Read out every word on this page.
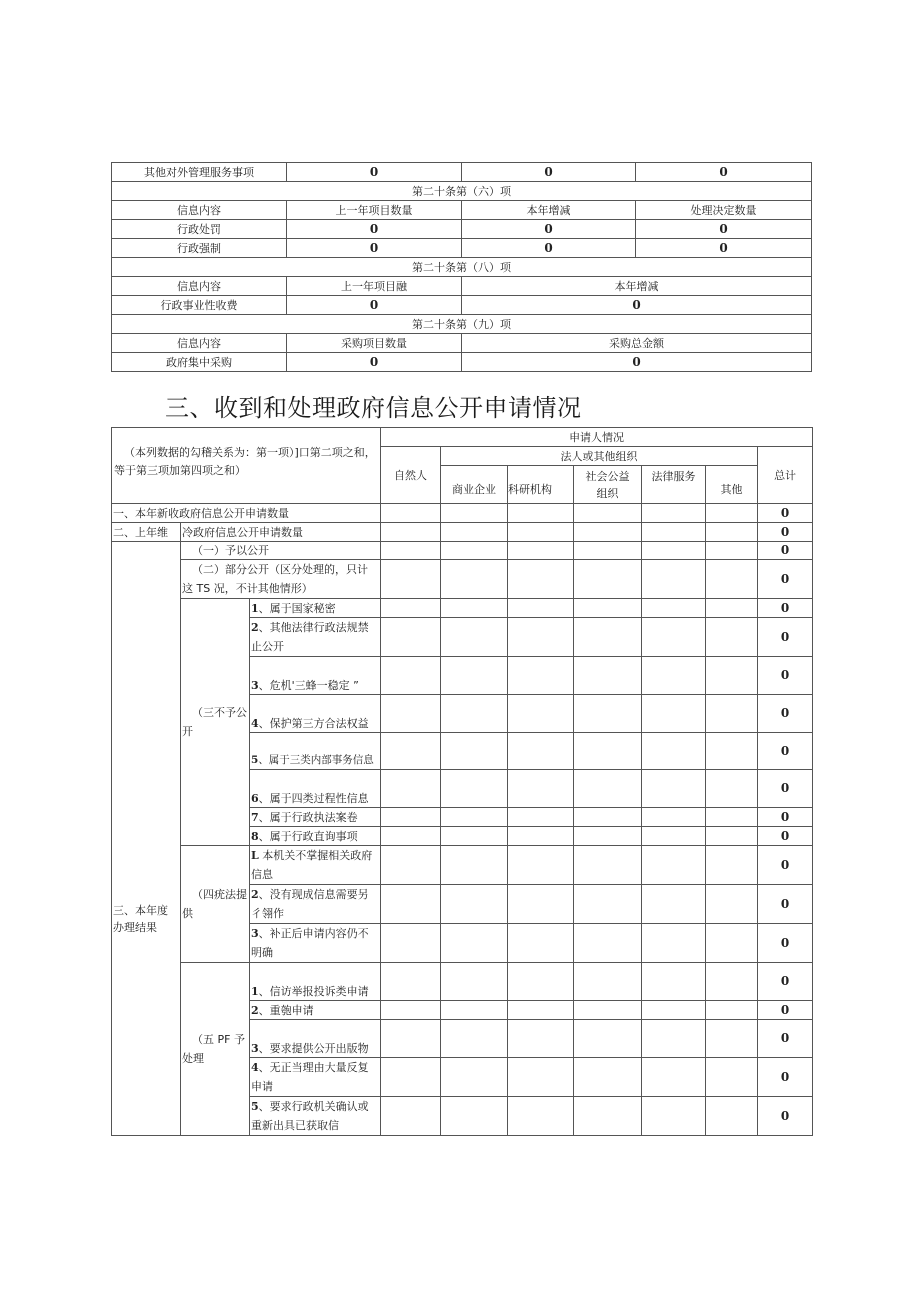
其他对外管理服务事项	0	0	0
第二十条第（六）项			
信息内容	上一年项目数量	本年增减	处理决定数量
行政处罚	0	0	0
行政强制	0	0	0
第二十条第（八）项			
信息内容	上一年项目融	本年增减	
行政事业性收费	0	0	
第二十条第（九）项			
信息内容	采购项目数量	采购总金额	
政府集中采购	0	0	
三、收到和处理政府信息公开申请情况
（本列数据的勾稽关系为：第一项）]口第二项之和，等于第三项加第四项之和）			申请人情况						
			自然人	法人或其他组织					总计
				商业企业	科研机构	社会公益组织	法律服务	其他	
一、本年新收政府信息公开申请数量									0
二、上年维	冷政府信息公开申请数量								0

三、本年度办理结果	（一）予以公开								0
	（二）部分公开（区分处理的，只计这 TS 况，不计其他情形）								0
	（三不予公开	1、属于国家秘密							0
		2、其他法律行政法规禁止公开							0
		3、危机'三蜂一稳定 ”							0
		4、保护第三方合法权益							0
		5、属于三类内部事务信息							0
		6、属于四类过程性信息							0
		7、属于行政执法案卷							0
		8、属于行政直询事项							0
	（四疣法提供	L 本机关不掌握相关政府信息							0
		2、没有现成信息需要另彳翎作							0
		3、补正后申请内容仍不明确							0
	（五 PF 予处理	1、信访举报投诉类申请							0
		2、重匏申请							0
		3、要求提供公开出版物							0
		4、无正当理由大量反复申请							0
		5、要求行政机关确认或重新出具已获取信							0
